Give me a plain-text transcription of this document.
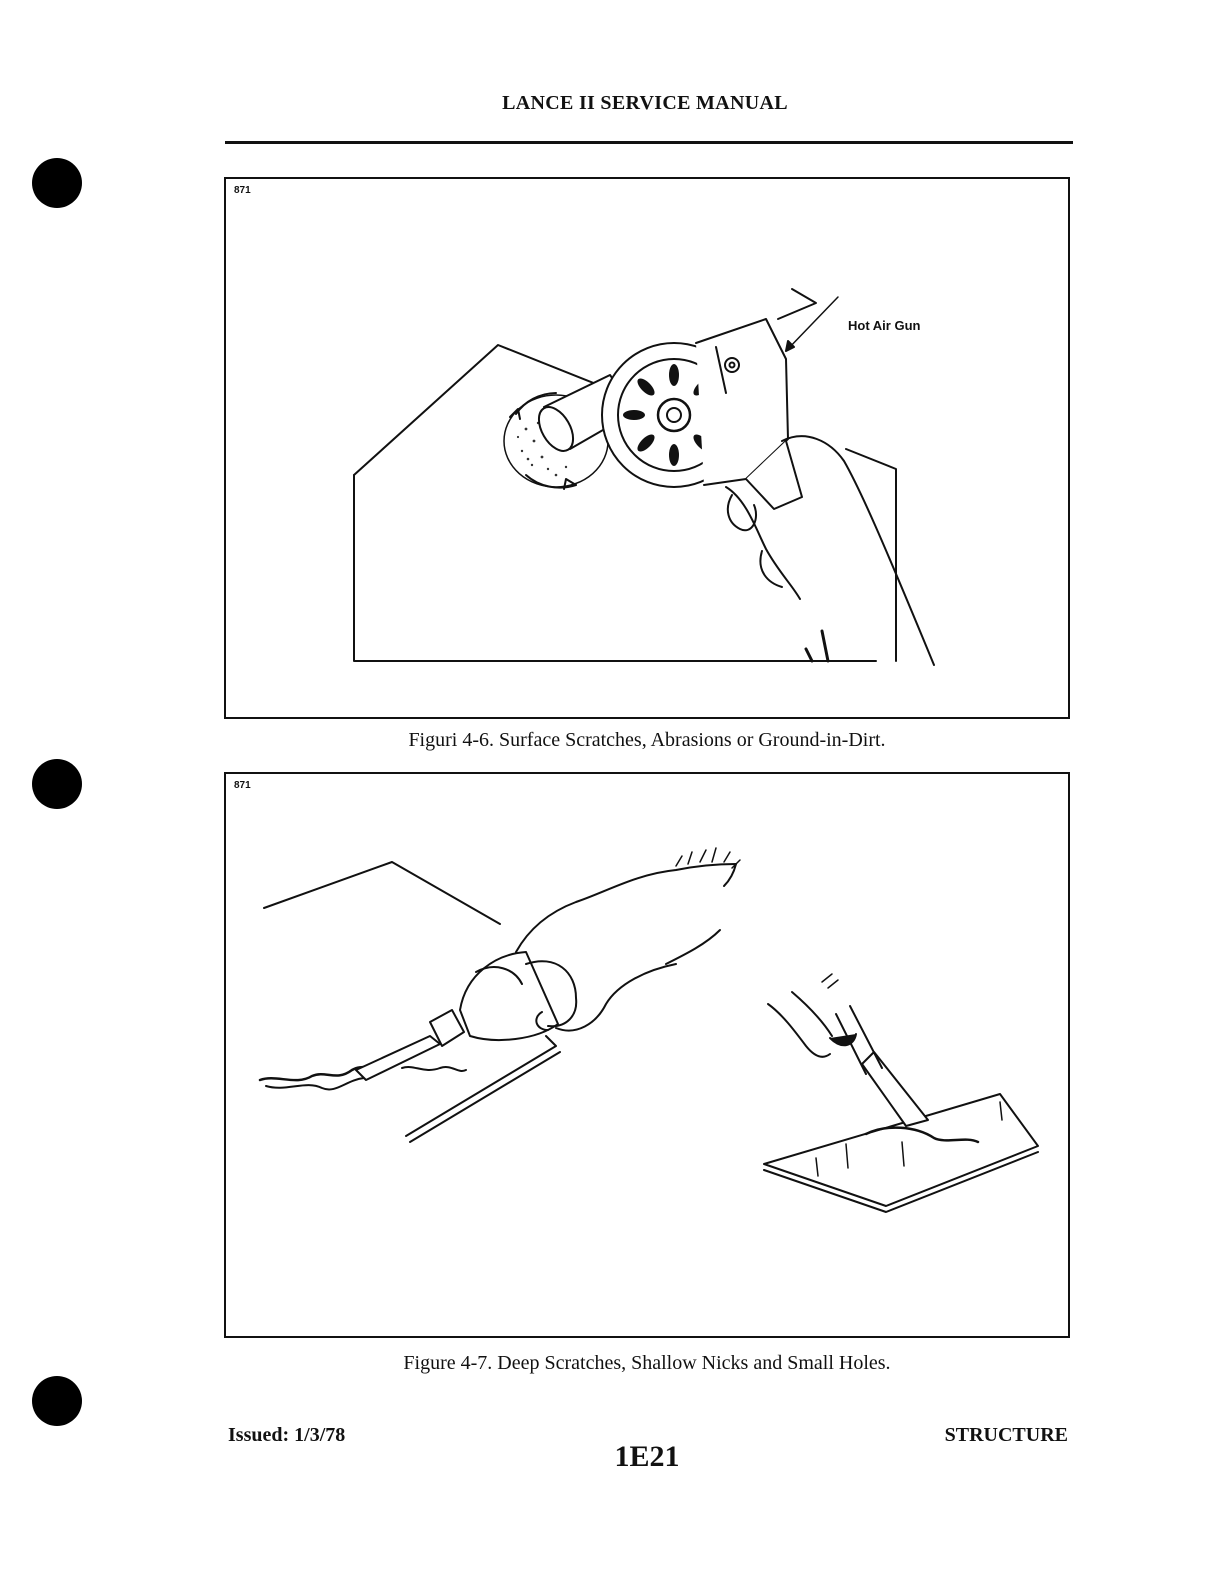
LANCE II SERVICE MANUAL
871
Hot Air Gun
Figuri 4-6. Surface Scratches, Abrasions or Ground-in-Dirt.
871
Figure 4-7. Deep Scratches, Shallow Nicks and Small Holes.
Issued: 1/3/78
1E21
STRUCTURE
